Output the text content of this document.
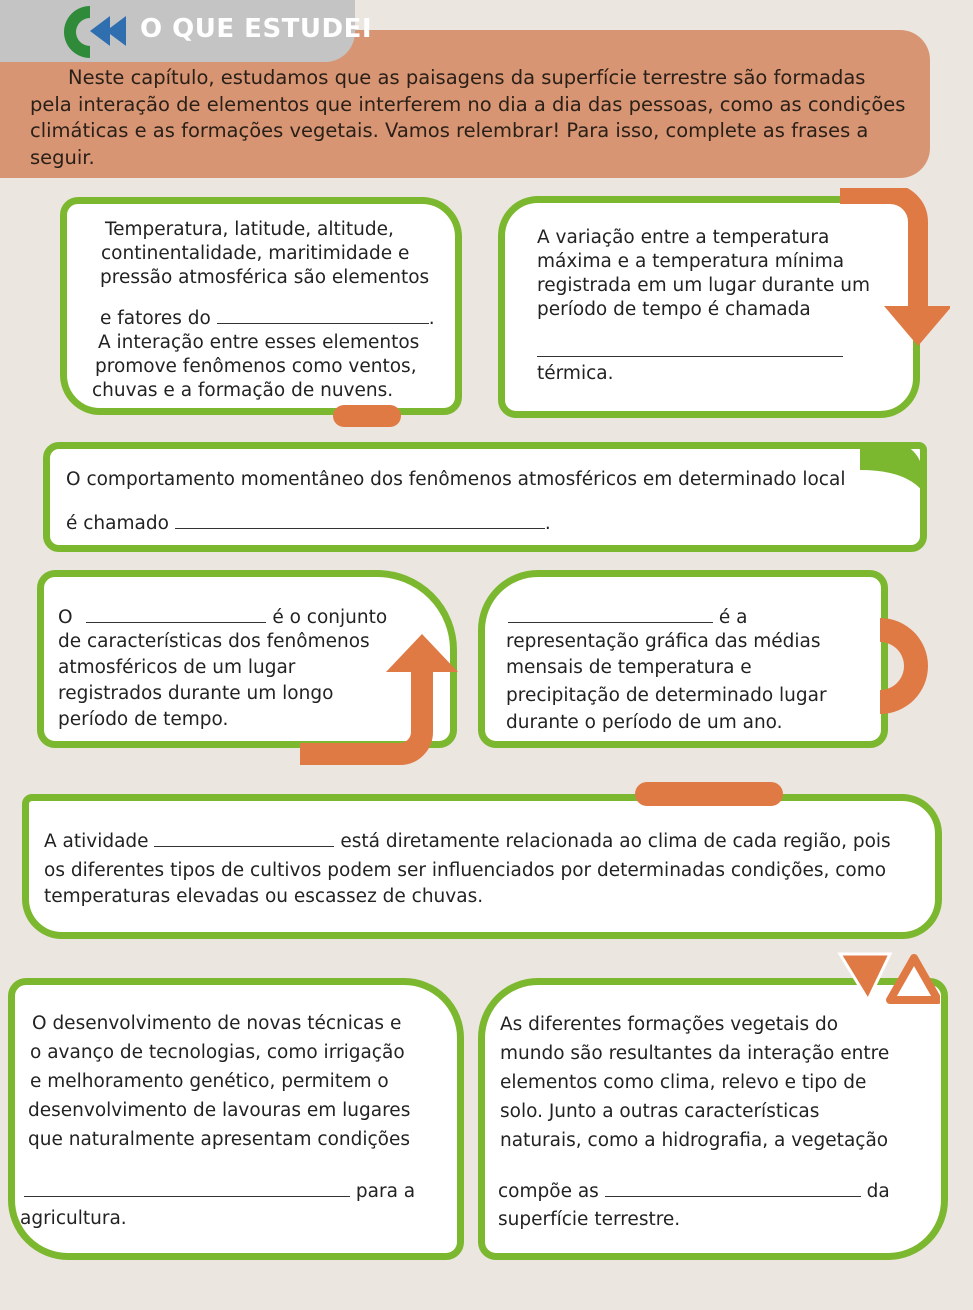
O QUE ESTUDEI

Neste capítulo, estudamos que as paisagens da superfície terrestre são formadas pela interação de elementos que interferem no dia a dia das pessoas, como as condições climáticas e as formações vegetais. Vamos relembrar! Para isso, complete as frases a seguir.

Temperatura, latitude, altitude,
continentalidade, maritimidade e
pressão atmosférica são elementos
e fatores do	.
A interação entre esses elementos
promove fenômenos como ventos,
chuvas e a formação de nuvens.
A variação entre a temperatura
máxima e a temperatura mínima
registrada em um lugar durante um
período de tempo é chamada
térmica.
O comportamento momentâneo dos fenômenos atmosféricos em determinado local
é chamado	.
O	é o conjunto
de características dos fenômenos
atmosféricos de um lugar
registrados durante um longo
período de tempo.
é a
representação gráfica das médias
mensais de temperatura e
precipitação de determinado lugar
durante o período de um ano.
A atividade	está diretamente relacionada ao clima de cada região, pois
os diferentes tipos de cultivos podem ser influenciados por determinadas condições, como
temperaturas elevadas ou escassez de chuvas.
O desenvolvimento de novas técnicas e
o avanço de tecnologias, como irrigação
e melhoramento genético, permitem o
desenvolvimento de lavouras em lugares
que naturalmente apresentam condições
para a
agricultura.
As diferentes formações vegetais do
mundo são resultantes da interação entre
elementos como clima, relevo e tipo de
solo. Junto a outras características
naturais, como a hidrografia, a vegetação
compõe as	da
superfície terrestre.
